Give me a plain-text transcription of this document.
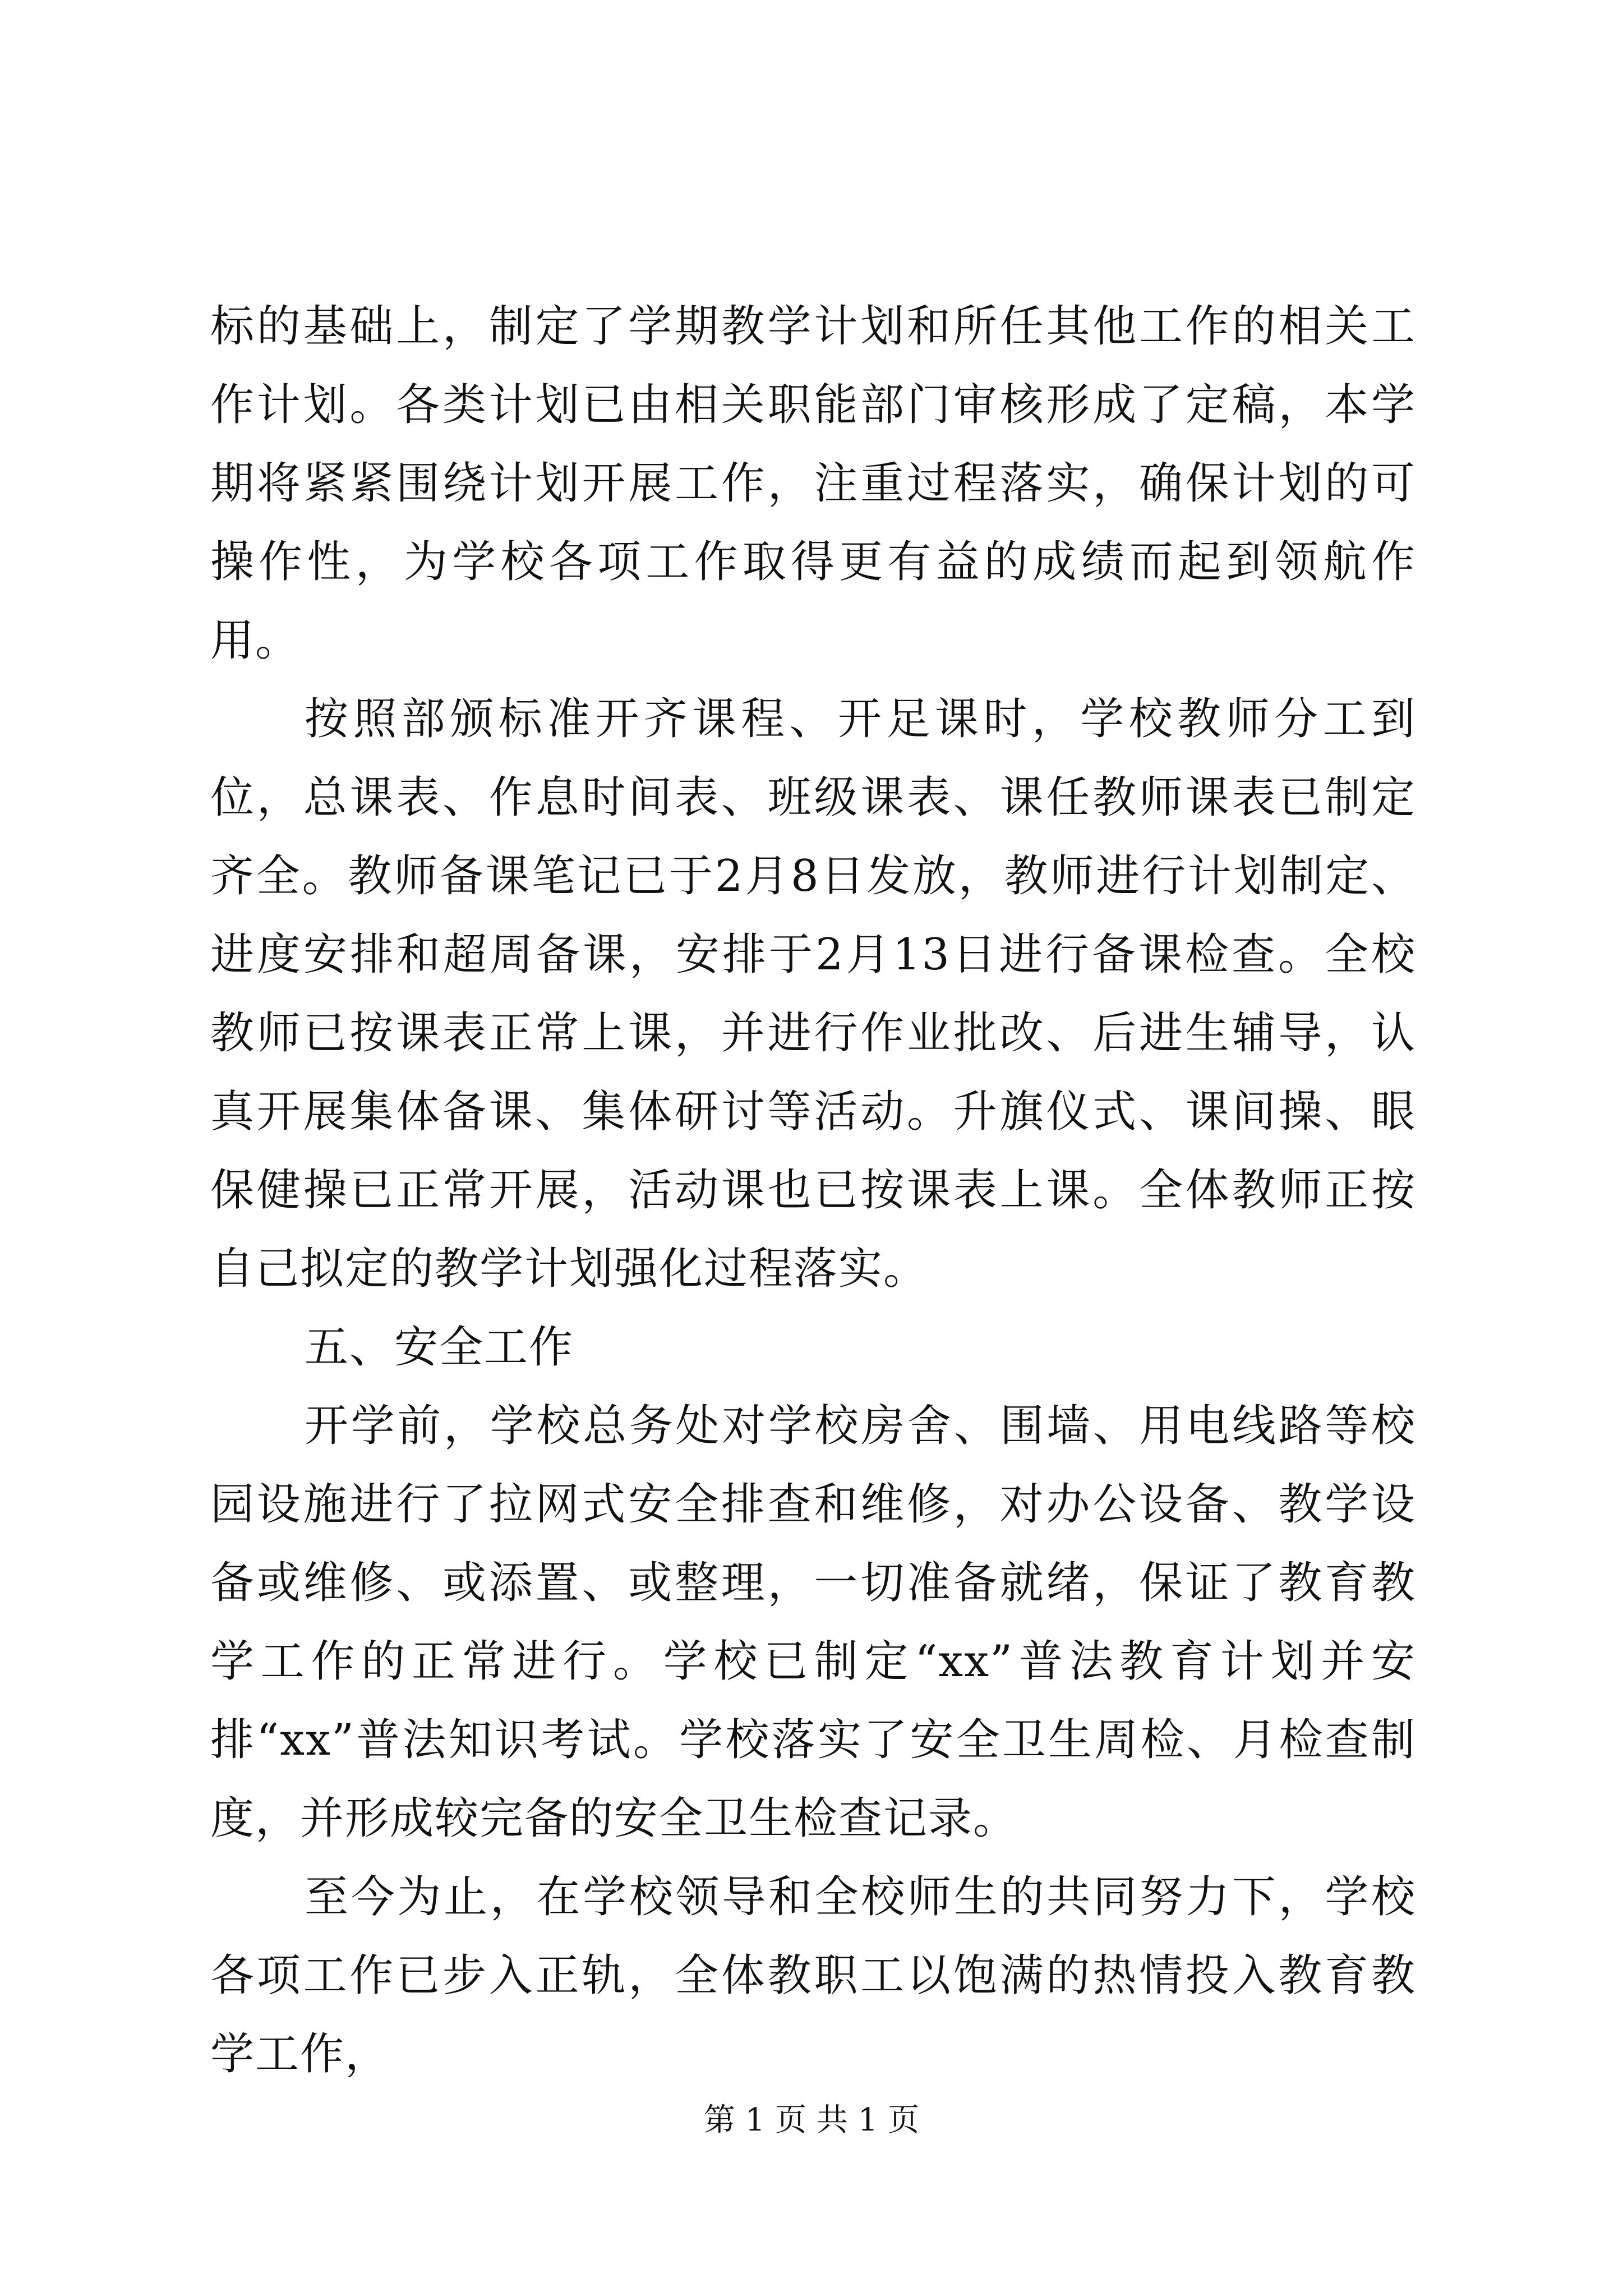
标的基础上，制定了学期教学计划和所任其他工作的相关工作计划。各类计划已由相关职能部门审核形成了定稿，本学期将紧紧围绕计划开展工作，注重过程落实，确保计划的可操作性，为学校各项工作取得更有益的成绩而起到领航作用。

按照部颁标准开齐课程、开足课时，学校教师分工到位，总课表、作息时间表、班级课表、课任教师课表已制定齐全。教师备课笔记已于2月8日发放，教师进行计划制定、进度安排和超周备课，安排于2月13日进行备课检查。全校教师已按课表正常上课，并进行作业批改、后进生辅导，认真开展集体备课、集体研讨等活动。升旗仪式、课间操、眼保健操已正常开展，活动课也已按课表上课。全体教师正按自己拟定的教学计划强化过程落实。

五、安全工作

开学前，学校总务处对学校房舍、围墙、用电线路等校园设施进行了拉网式安全排查和维修，对办公设备、教学设备或维修、或添置、或整理，一切准备就绪，保证了教育教学工作的正常进行。学校已制定“xx”普法教育计划并安排“xx”普法知识考试。学校落实了安全卫生周检、月检查制度，并形成较完备的安全卫生检查记录。

至今为止，在学校领导和全校师生的共同努力下，学校各项工作已步入正轨，全体教职工以饱满的热情投入教育教学工作，

第 1 页 共 1 页
